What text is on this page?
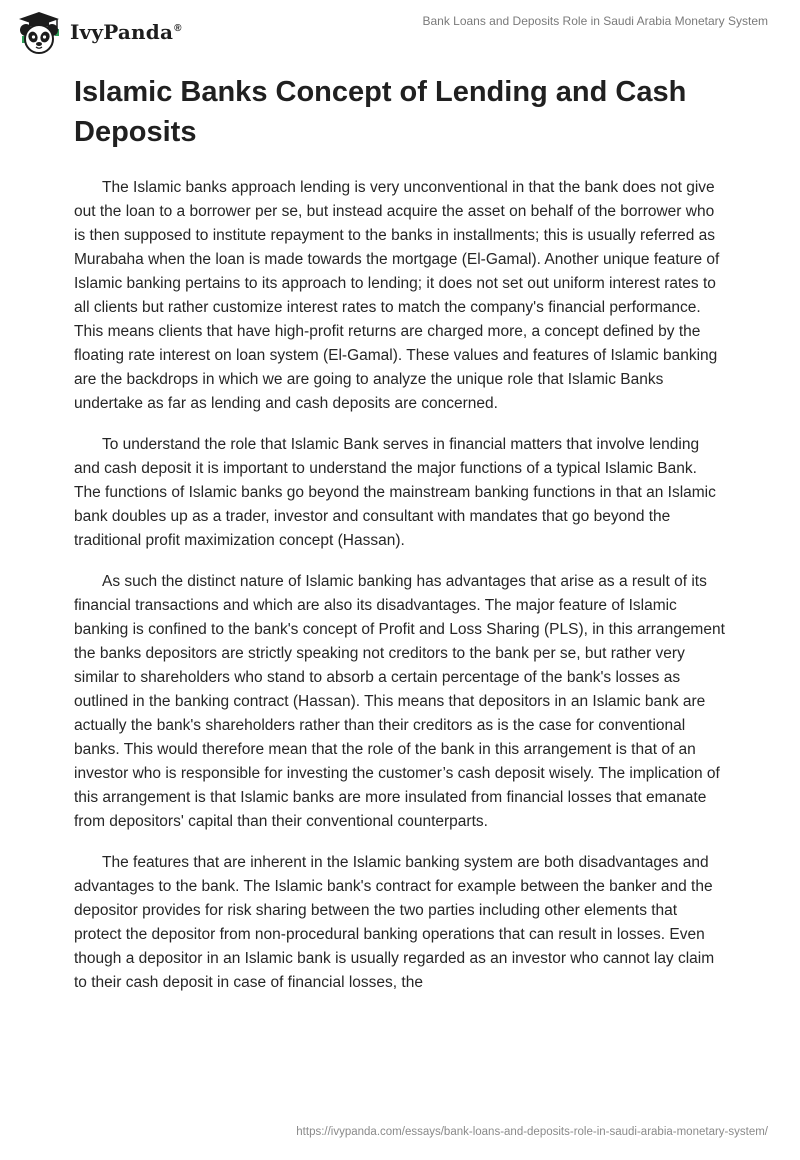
IvyPanda®
Bank Loans and Deposits Role in Saudi Arabia Monetary System
Islamic Banks Concept of Lending and Cash Deposits

The Islamic banks approach lending is very unconventional in that the bank does not give out the loan to a borrower per se, but instead acquire the asset on behalf of the borrower who is then supposed to institute repayment to the banks in installments; this is usually referred as Murabaha when the loan is made towards the mortgage (El-Gamal). Another unique feature of Islamic banking pertains to its approach to lending; it does not set out uniform interest rates to all clients but rather customize interest rates to match the company's financial performance. This means clients that have high-profit returns are charged more, a concept defined by the floating rate interest on loan system (El-Gamal). These values and features of Islamic banking are the backdrops in which we are going to analyze the unique role that Islamic Banks undertake as far as lending and cash deposits are concerned.

To understand the role that Islamic Bank serves in financial matters that involve lending and cash deposit it is important to understand the major functions of a typical Islamic Bank. The functions of Islamic banks go beyond the mainstream banking functions in that an Islamic bank doubles up as a trader, investor and consultant with mandates that go beyond the traditional profit maximization concept (Hassan).

As such the distinct nature of Islamic banking has advantages that arise as a result of its financial transactions and which are also its disadvantages. The major feature of Islamic banking is confined to the bank's concept of Profit and Loss Sharing (PLS), in this arrangement the banks depositors are strictly speaking not creditors to the bank per se, but rather very similar to shareholders who stand to absorb a certain percentage of the bank's losses as outlined in the banking contract (Hassan). This means that depositors in an Islamic bank are actually the bank's shareholders rather than their creditors as is the case for conventional banks. This would therefore mean that the role of the bank in this arrangement is that of an investor who is responsible for investing the customer’s cash deposit wisely. The implication of this arrangement is that Islamic banks are more insulated from financial losses that emanate from depositors' capital than their conventional counterparts.

The features that are inherent in the Islamic banking system are both disadvantages and advantages to the bank. The Islamic bank's contract for example between the banker and the depositor provides for risk sharing between the two parties including other elements that protect the depositor from non-procedural banking operations that can result in losses. Even though a depositor in an Islamic bank is usually regarded as an investor who cannot lay claim to their cash deposit in case of financial losses, the

https://ivypanda.com/essays/bank-loans-and-deposits-role-in-saudi-arabia-monetary-system/
